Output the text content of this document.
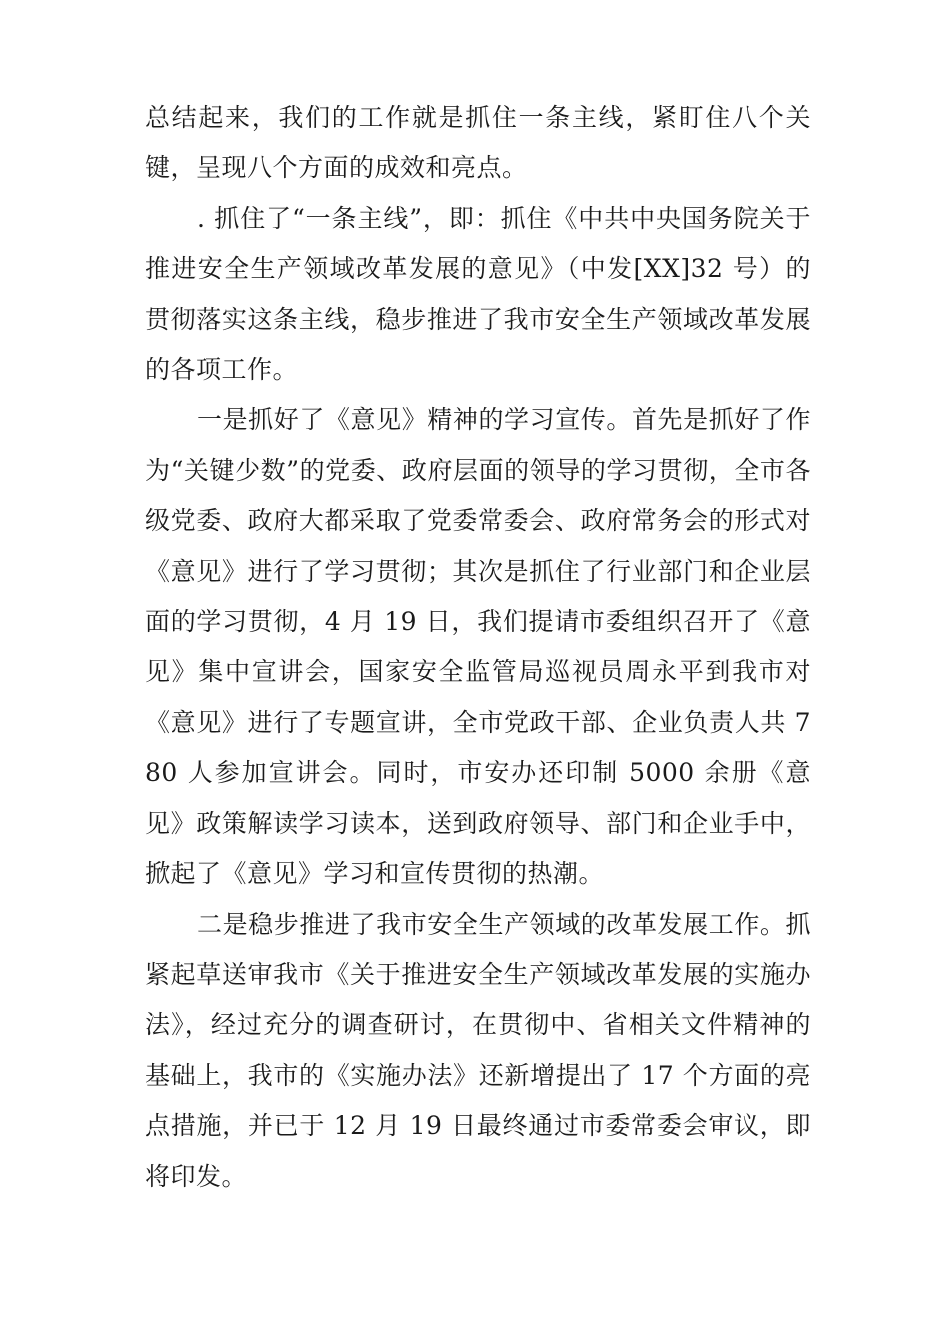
总结起来，我们的工作就是抓住一条主线，紧盯住八个关键，呈现八个方面的成效和亮点。

. 抓住了“一条主线”，即：抓住《中共中央国务院关于推进安全生产领域改革发展的意见》（中发[XX]32 号）的贯彻落实这条主线，稳步推进了我市安全生产领域改革发展的各项工作。

一是抓好了《意见》精神的学习宣传。首先是抓好了作为“关键少数”的党委、政府层面的领导的学习贯彻，全市各级党委、政府大都采取了党委常委会、政府常务会的形式对《意见》进行了学习贯彻；其次是抓住了行业部门和企业层面的学习贯彻，4 月 19 日，我们提请市委组织召开了《意见》集中宣讲会，国家安全监管局巡视员周永平到我市对《意见》进行了专题宣讲，全市党政干部、企业负责人共 780 人参加宣讲会。同时，市安办还印制 5000 余册《意见》政策解读学习读本，送到政府领导、部门和企业手中，掀起了《意见》学习和宣传贯彻的热潮。

二是稳步推进了我市安全生产领域的改革发展工作。抓紧起草送审我市《关于推进安全生产领域改革发展的实施办法》，经过充分的调查研讨，在贯彻中、省相关文件精神的基础上，我市的《实施办法》还新增提出了 17 个方面的亮点措施，并已于 12 月 19 日最终通过市委常委会审议，即将印发。
